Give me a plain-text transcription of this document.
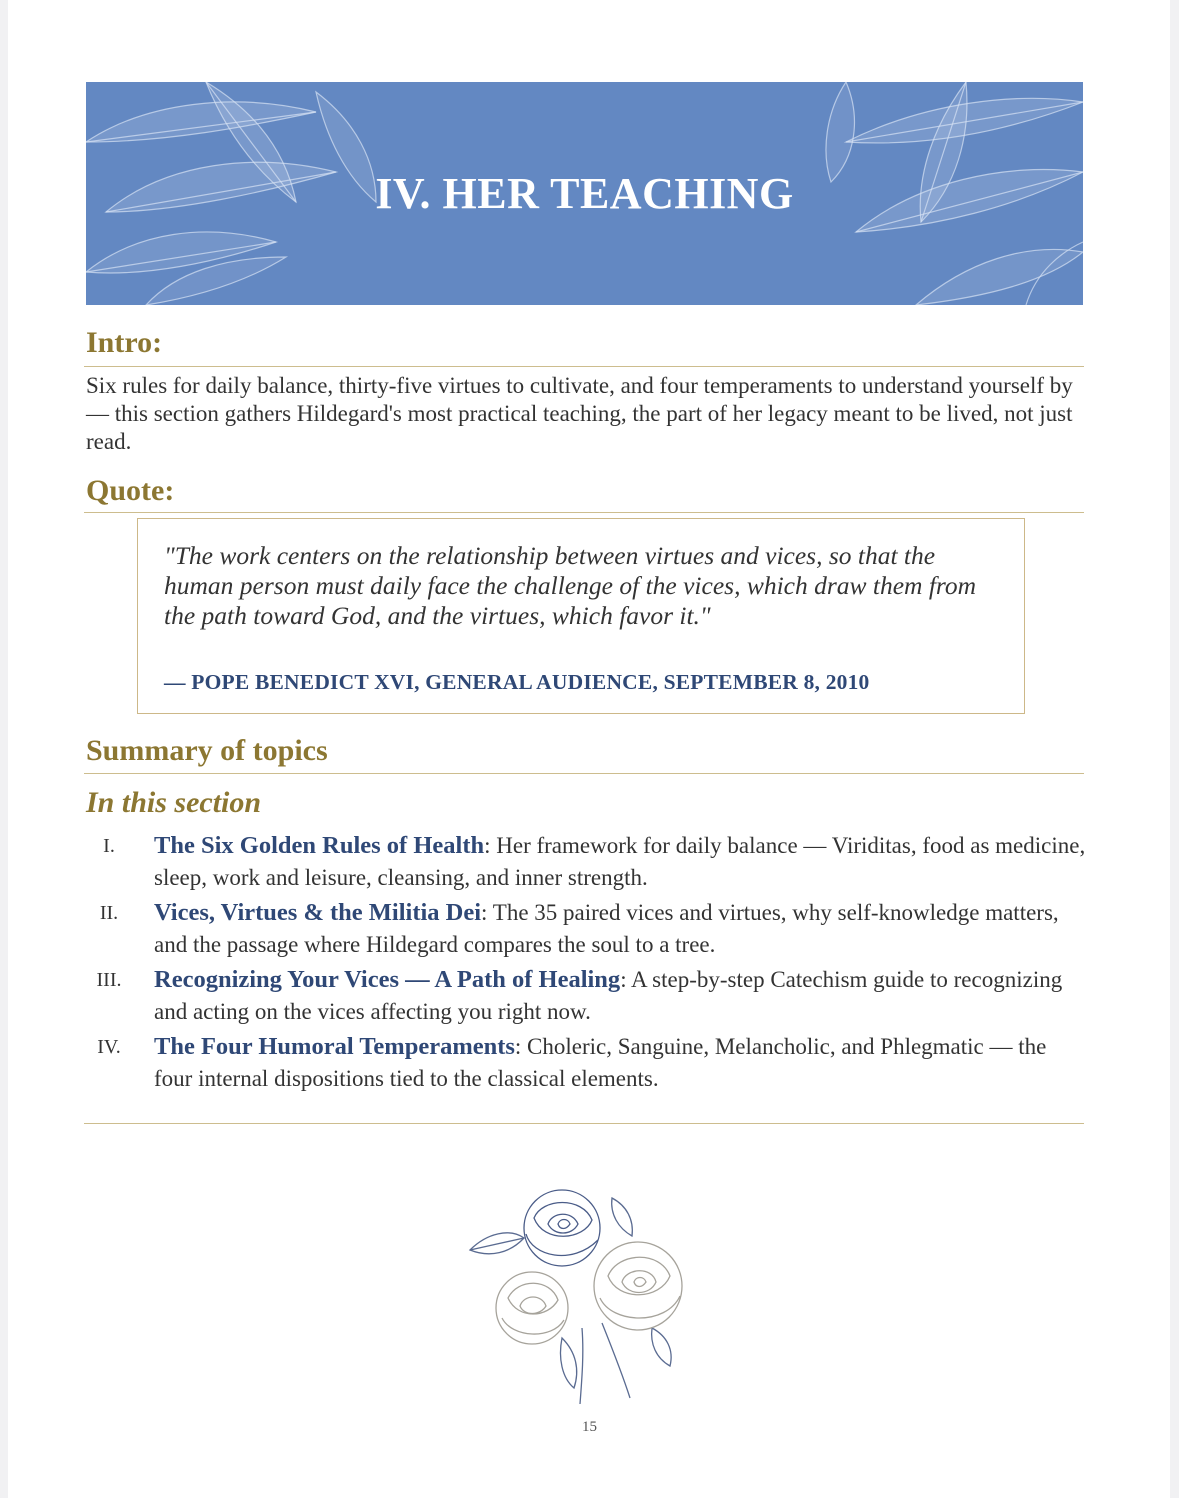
IV. HER TEACHING
Intro:

Six rules for daily balance, thirty-five virtues to cultivate, and four temperaments to understand yourself by — this section gathers Hildegard's most practical teaching, the part of her legacy meant to be lived, not just read.

Quote:

"The work centers on the relationship between virtues and vices, so that the human person must daily face the challenge of the vices, which draw them from the path toward God, and the virtues, which favor it."

— POPE BENEDICT XVI, GENERAL AUDIENCE, SEPTEMBER 8, 2010

Summary of topics
In this section
I.	The Six Golden Rules of Health: Her framework for daily balance — Viriditas, food as medicine, sleep, work and leisure, cleansing, and inner strength.
II.	Vices, Virtues & the Militia Dei: The 35 paired vices and virtues, why self-knowledge matters, and the passage where Hildegard compares the soul to a tree.
III.	Recognizing Your Vices — A Path of Healing: A step-by-step Catechism guide to recognizing and acting on the vices affecting you right now.
IV.	The Four Humoral Temperaments: Choleric, Sanguine, Melancholic, and Phlegmatic — the four internal dispositions tied to the classical elements.

15
